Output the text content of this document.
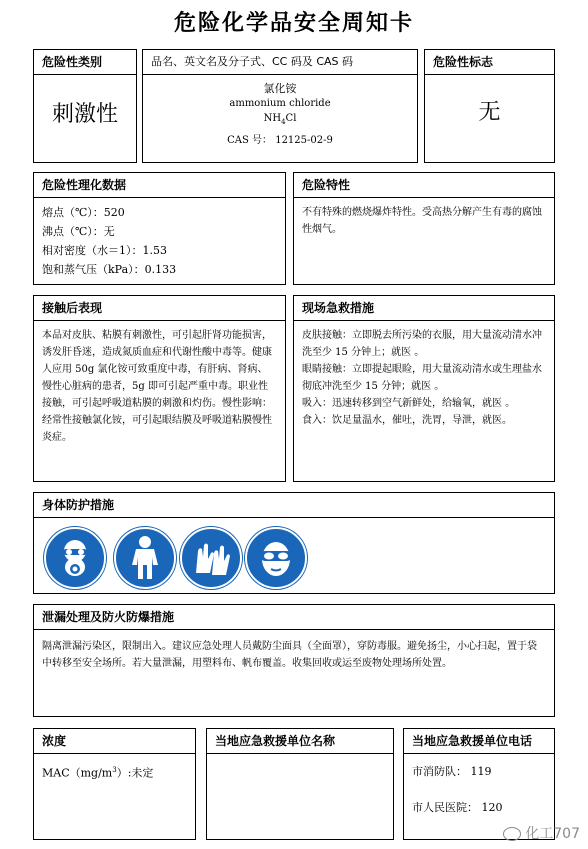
危险化学品安全周知卡
危险性类别
刺激性
品名、英文名及分子式、CC 码及 CAS 码
氯化铵
ammonium chloride
$NH_4Cl$
CAS 号： 12125-02-9
危险性标志
无
危险性理化数据
熔点（℃）：520
沸点（℃）：无
相对密度（水＝1）：1.53
饱和蒸气压（kPa）：0.133
危险特性
不有特殊的燃烧爆炸特性。受高热分解产生有毒的腐蚀性烟气。
接触后表现
本品对皮肤、粘膜有刺激性，可引起肝肾功能损害，诱发肝昏迷，造成氮质血症和代谢性酸中毒等。健康人应用 50g 氯化铵可致重度中毒，有肝病、肾病、慢性心脏病的患者，5g 即可引起严重中毒。职业性接触，可引起呼吸道粘膜的刺激和灼伤。慢性影响：经常性接触氯化铵，可引起眼结膜及呼吸道粘膜慢性炎症。
现场急救措施
皮肤接触：立即脱去所污染的衣服，用大量流动清水冲洗至少 15 分钟上；就医 。
眼睛接触：立即提起眼睑，用大量流动清水或生理盐水彻底冲洗至少 15 分钟；就医 。
吸入：迅速转移到空气新鲜处，给输氧，就医 。
食入：饮足量温水，催吐，洗胃，导泄，就医。
身体防护措施
泄漏处理及防火防爆措施
隔离泄漏污染区，限制出入。建议应急处理人员戴防尘面具（全面罩），穿防毒服。避免扬尘，小心扫起，置于袋中转移至安全场所。若大量泄漏，用塑料布、帆布覆盖。收集回收或运至废物处理场所处置。
浓度
$MAC(mg/m^3)$:未定
当地应急救援单位名称	当地应急救援单位电话
市消防队： 119
市人民医院： 120
化工707
